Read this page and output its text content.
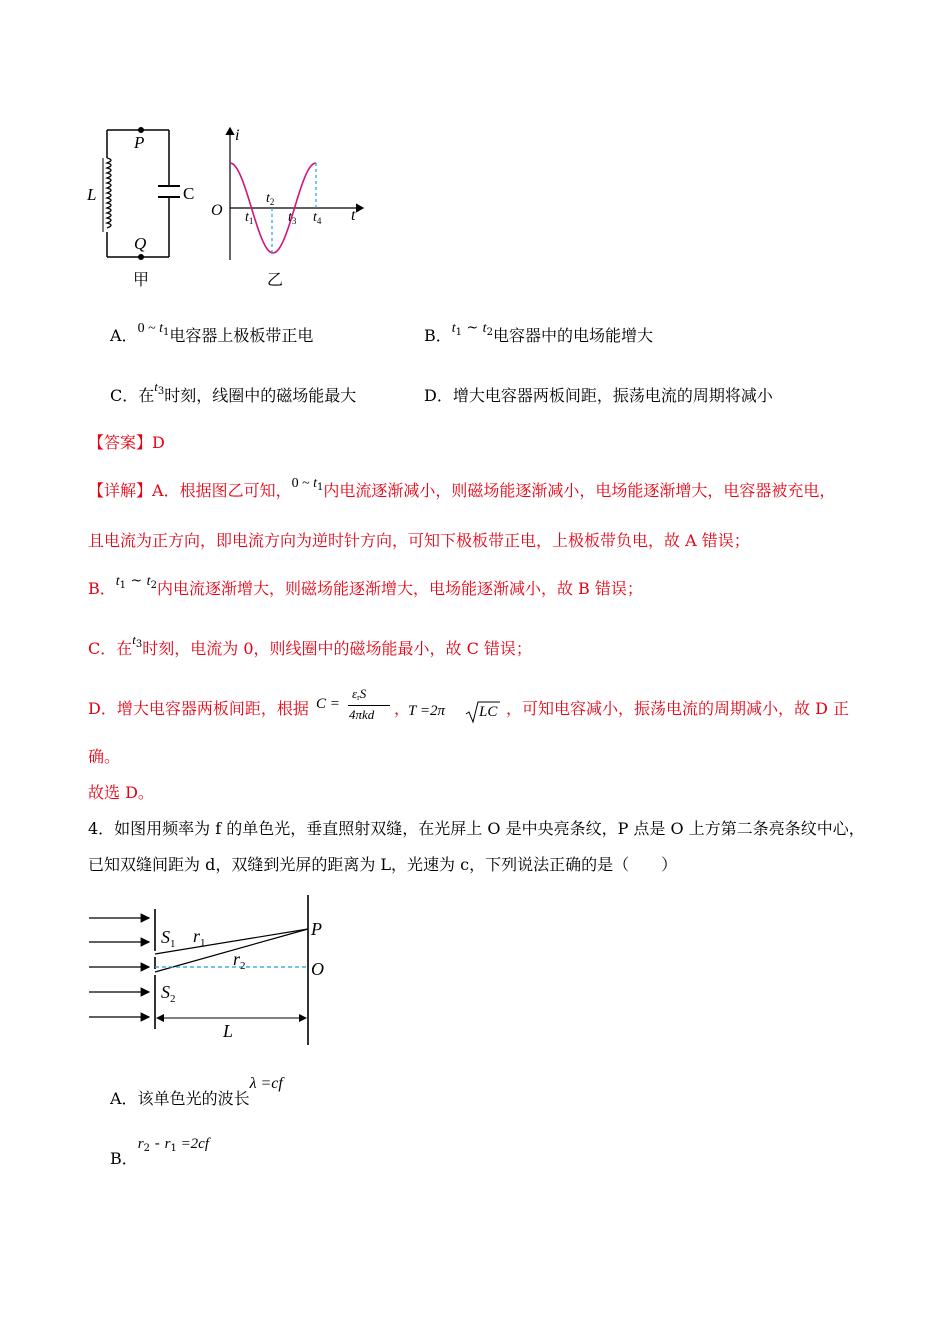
P
Q
L	C
甲
i
O	t
$t_1$
$t_2$
$t_3$ $t_4$
乙
A．0 ~ $t^1$电容器上极板带正电	B．$t^1$ ~ $t^2$电容器中的电场能增大
C．在$^{t3}$时刻，线圈中的磁场能最大	D．增大电容器两板间距，振荡电流的周期将减小
【答案】D
【详解】A．根据图乙可知，0 ~ $t^1$内电流逐渐减小，则磁场能逐渐减小，电场能逐渐增大，电容器被充电，
且电流为正方向，即电流方向为逆时针方向，可知下极板带正电，上极板带负电，故 A 错误；
B．$t^1$ ~ $t^2$内电流逐渐增大，则磁场能逐渐增大，电场能逐渐减小，故 B 错误；
C．在$^{t3}$时刻，电流为 0，则线圈中的磁场能最小，故 C 错误；
D．增大电容器两板间距，根据 C =
εrS
4πkd ，
T =2π LC ，可知电容减小，振荡电流的周期减小，故 D 正
确。
故选 D。
4．如图用频率为 f 的单色光，垂直照射双缝，在光屏上 O 是中央亮条纹，P 点是 O 上方第二条亮条纹中心，
已知双缝间距为 d，双缝到光屏的距离为 L，光速为 c，下列说法正确的是（　　）
$S_1$ $r_1$
$r_2$
$S_2$
P
O
L
A．该单色光的波长λ =cf
B．$r^2 - r^1 =2cf$
